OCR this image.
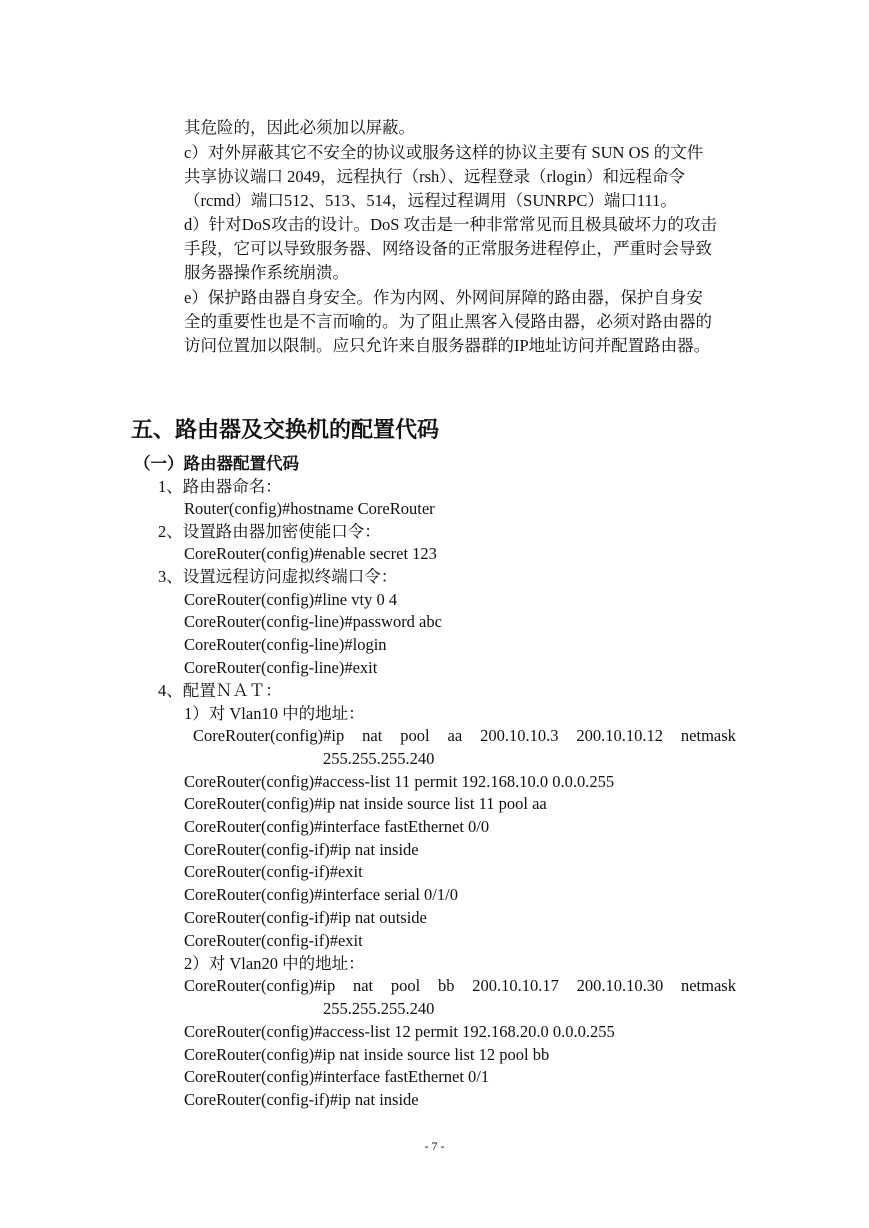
其危险的，因此必须加以屏蔽。
c）对外屏蔽其它不安全的协议或服务这样的协议主要有 SUN OS 的文件
共享协议端口 2049，远程执行（rsh）、远程登录（rlogin）和远程命令
（rcmd）端口512、513、514，远程过程调用（SUNRPC）端口111。
d）针对DoS攻击的设计。DoS 攻击是一种非常常见而且极具破坏力的攻击
手段，它可以导致服务器、网络设备的正常服务进程停止，严重时会导致
服务器操作系统崩溃。
e）保护路由器自身安全。作为内网、外网间屏障的路由器，保护自身安
全的重要性也是不言而喻的。为了阻止黑客入侵路由器，必须对路由器的
访问位置加以限制。应只允许来自服务器群的IP地址访问并配置路由器。
五、路由器及交换机的配置代码
（一）路由器配置代码
1、路由器命名：
Router(config)#hostname CoreRouter
2、设置路由器加密使能口令：
CoreRouter(config)#enable secret 123
3、设置远程访问虚拟终端口令：
CoreRouter(config)#line vty 0 4
CoreRouter(config-line)#password abc
CoreRouter(config-line)#login
CoreRouter(config-line)#exit
4、配置ＮＡＴ：
1）对 Vlan10 中的地址：
CoreRouter(config)#ip nat pool aa 200.10.10.3 200.10.10.12 netmask
255.255.255.240
CoreRouter(config)#access-list 11 permit 192.168.10.0 0.0.0.255
CoreRouter(config)#ip nat inside source list 11 pool aa
CoreRouter(config)#interface fastEthernet 0/0
CoreRouter(config-if)#ip nat inside
CoreRouter(config-if)#exit
CoreRouter(config)#interface serial 0/1/0
CoreRouter(config-if)#ip nat outside
CoreRouter(config-if)#exit
2）对 Vlan20 中的地址：
CoreRouter(config)#ip nat pool bb 200.10.10.17 200.10.10.30 netmask
255.255.255.240
CoreRouter(config)#access-list 12 permit 192.168.20.0 0.0.0.255
CoreRouter(config)#ip nat inside source list 12 pool bb
CoreRouter(config)#interface fastEthernet 0/1
CoreRouter(config-if)#ip nat inside
- 7 -
